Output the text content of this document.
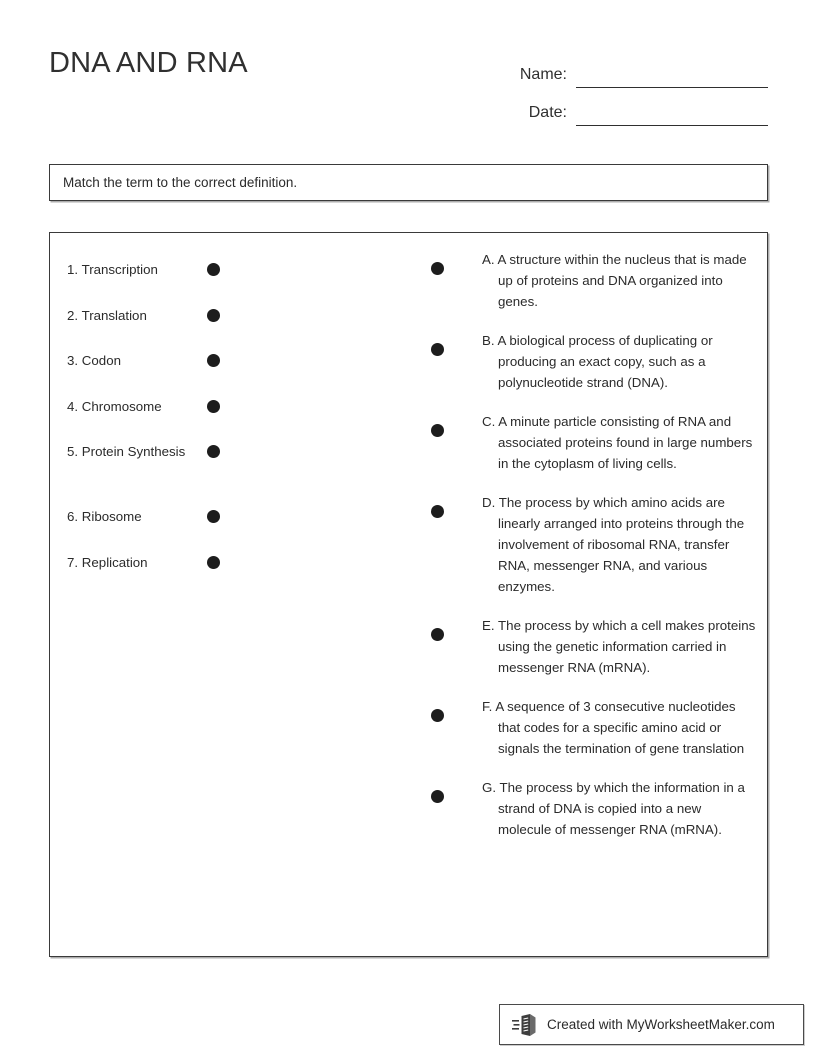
DNA AND RNA	Name:
Date:
Match the term to the correct definition.
1. Transcription
2. Translation
3. Codon
4. Chromosome
5. Protein Synthesis
6. Ribosome
7. Replication
A. A structure within the nucleus that is made up of proteins and DNA organized into genes.
B. A biological process of duplicating or producing an exact copy, such as a polynucleotide strand (DNA).
C. A minute particle consisting of RNA and associated proteins found in large numbers in the cytoplasm of living cells.
D. The process by which amino acids are linearly arranged into proteins through the involvement of ribosomal RNA, transfer RNA, messenger RNA, and various enzymes.
E. The process by which a cell makes proteins using the genetic information carried in messenger RNA (mRNA).
F. A sequence of 3 consecutive nucleotides that codes for a specific amino acid or signals the termination of gene translation
G. The process by which the information in a strand of DNA is copied into a new molecule of messenger RNA (mRNA).
Created with MyWorksheetMaker.com
